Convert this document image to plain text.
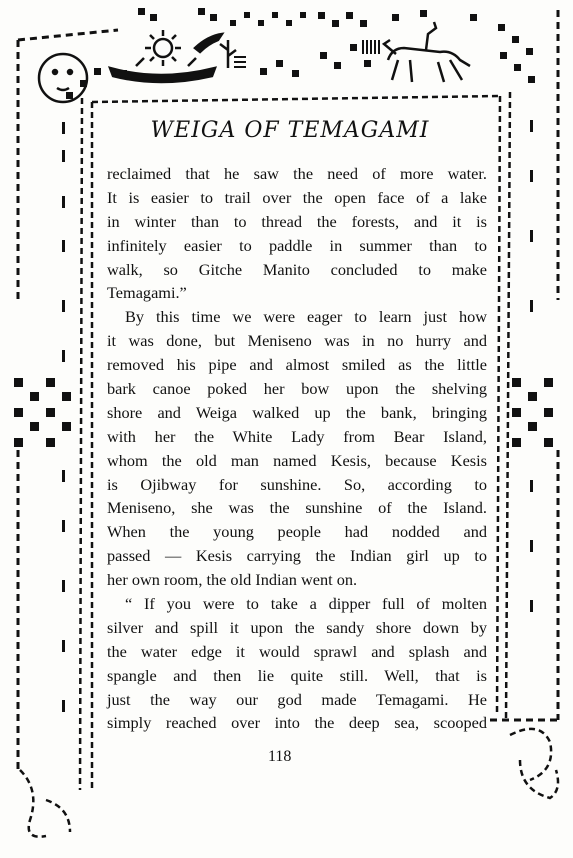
WEIGA OF TEMAGAMI
reclaimed that he saw the need of more water.
It is easier to trail over the open face of a lake
in winter than to thread the forests, and it is
infinitely easier to paddle in summer than to
walk, so Gitche Manito concluded to make
Temagami.”
By this time we were eager to learn just how
it was done, but Meniseno was in no hurry and
removed his pipe and almost smiled as the little
bark canoe poked her bow upon the shelving
shore and Weiga walked up the bank, bringing
with her the White Lady from Bear Island,
whom the old man named Kesis, because Kesis
is Ojibway for sunshine. So, according to
Meniseno, she was the sunshine of the Island.
When the young people had nodded and
passed — Kesis carrying the Indian girl up to
her own room, the old Indian went on.
“ If you were to take a dipper full of molten
silver and spill it upon the sandy shore down by
the water edge it would sprawl and splash and
spangle and then lie quite still. Well, that is
just the way our god made Temagami. He
simply reached over into the deep sea, scooped
118
